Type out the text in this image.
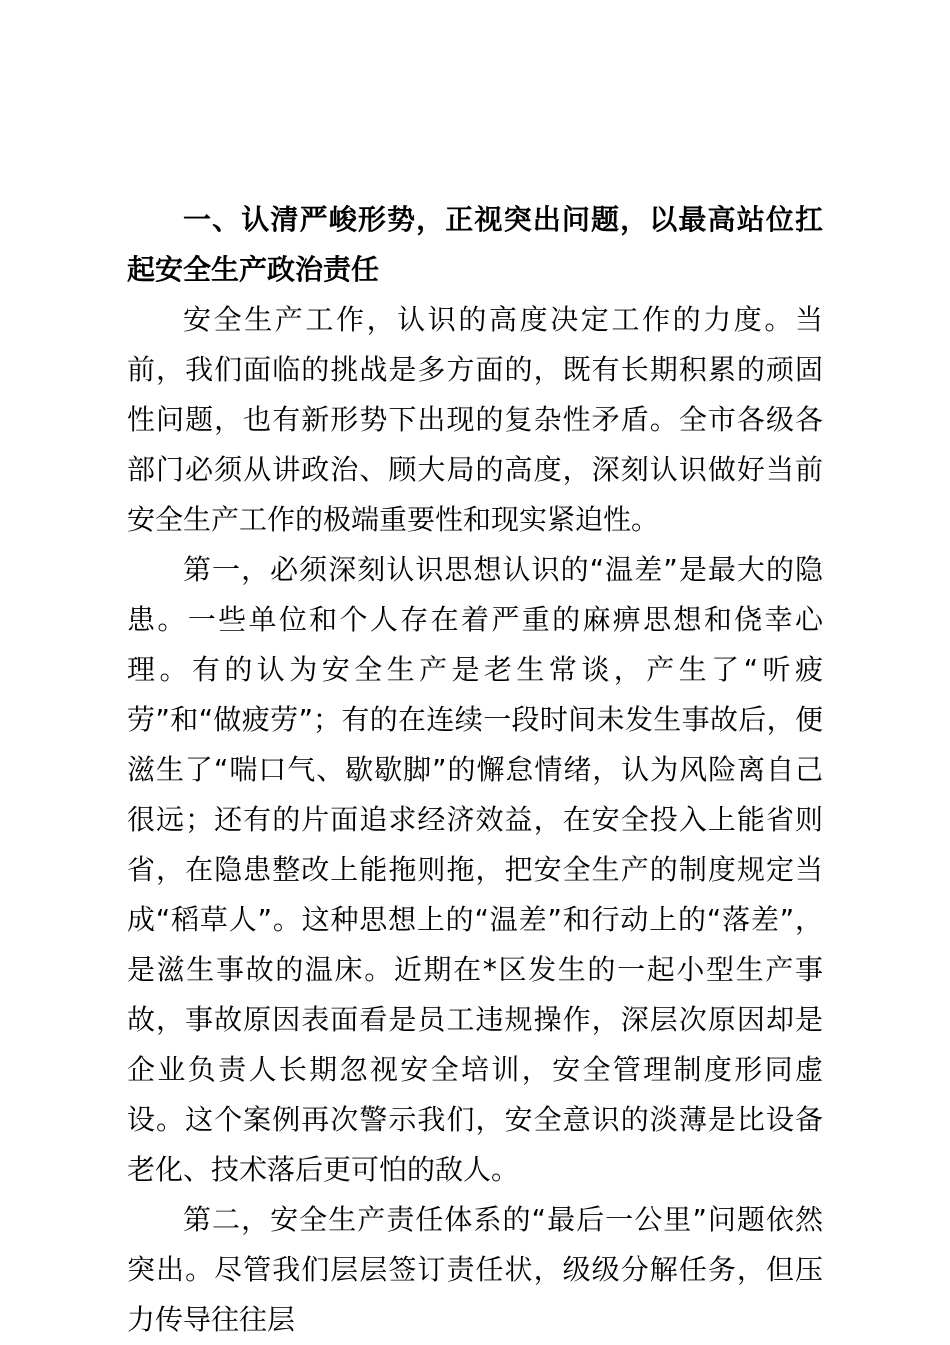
一、认清严峻形势，正视突出问题，以最高站位扛起安全生产政治责任

安全生产工作，认识的高度决定工作的力度。当前，我们面临的挑战是多方面的，既有长期积累的顽固性问题，也有新形势下出现的复杂性矛盾。全市各级各部门必须从讲政治、顾大局的高度，深刻认识做好当前安全生产工作的极端重要性和现实紧迫性。

第一，必须深刻认识思想认识的“温差”是最大的隐患。一些单位和个人存在着严重的麻痹思想和侥幸心理。有的认为安全生产是老生常谈，产生了“听疲劳”和“做疲劳”；有的在连续一段时间未发生事故后，便滋生了“喘口气、歇歇脚”的懈怠情绪，认为风险离自己很远；还有的片面追求经济效益，在安全投入上能省则省，在隐患整改上能拖则拖，把安全生产的制度规定当成“稻草人”。这种思想上的“温差”和行动上的“落差”，是滋生事故的温床。近期在*区发生的一起小型生产事故，事故原因表面看是员工违规操作，深层次原因却是企业负责人长期忽视安全培训，安全管理制度形同虚设。这个案例再次警示我们，安全意识的淡薄是比设备老化、技术落后更可怕的敌人。

第二，安全生产责任体系的“最后一公里”问题依然突出。尽管我们层层签订责任状，级级分解任务，但压力传导往往层
